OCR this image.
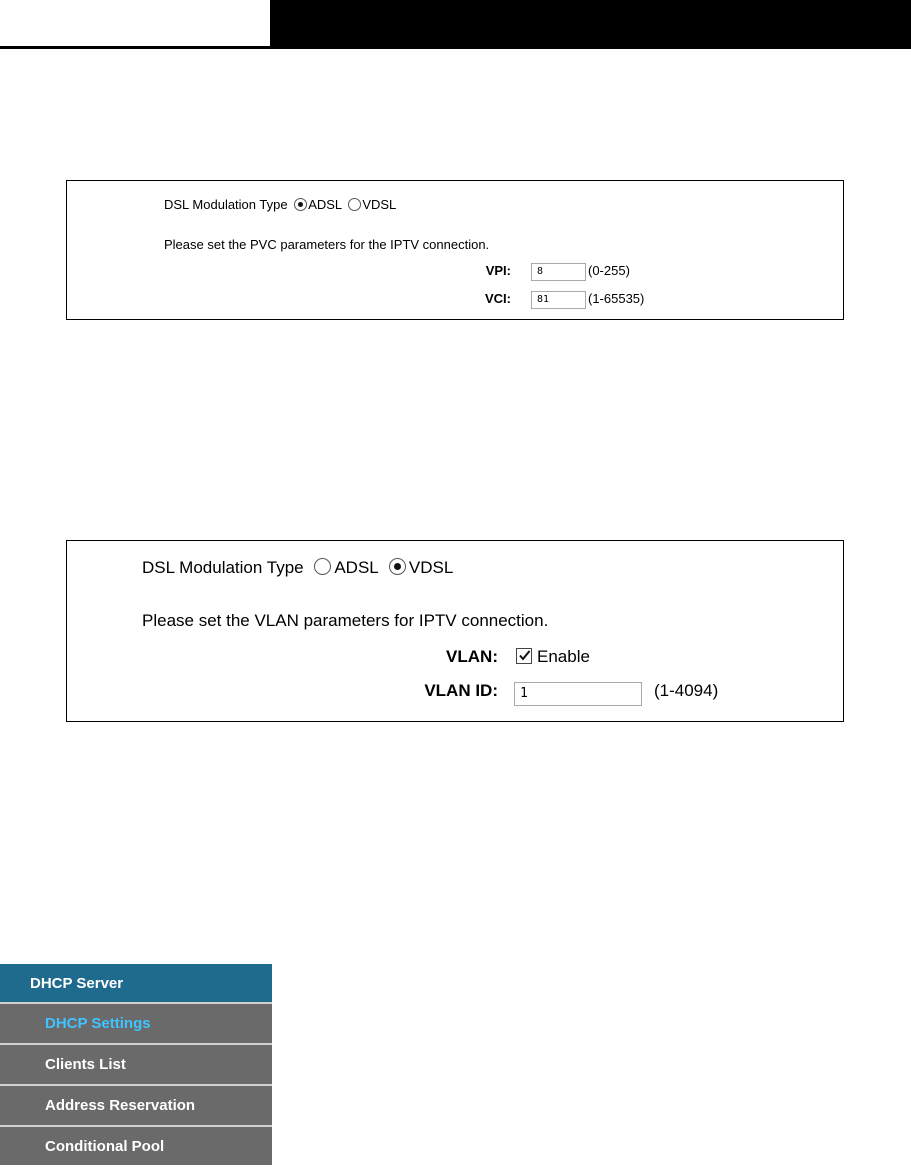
DSL Modulation Type ADSL VDSL
Please set the PVC parameters for the IPTV connection.
VPI:	8	(0-255)
VCI:	81	(1-65535)
DSL Modulation Type ADSL VDSL
Please set the VLAN parameters for IPTV connection.
VLAN:	Enable
VLAN ID:	1	(1-4094)
DHCP Server
DHCP Settings
Clients List
Address Reservation
Conditional Pool
